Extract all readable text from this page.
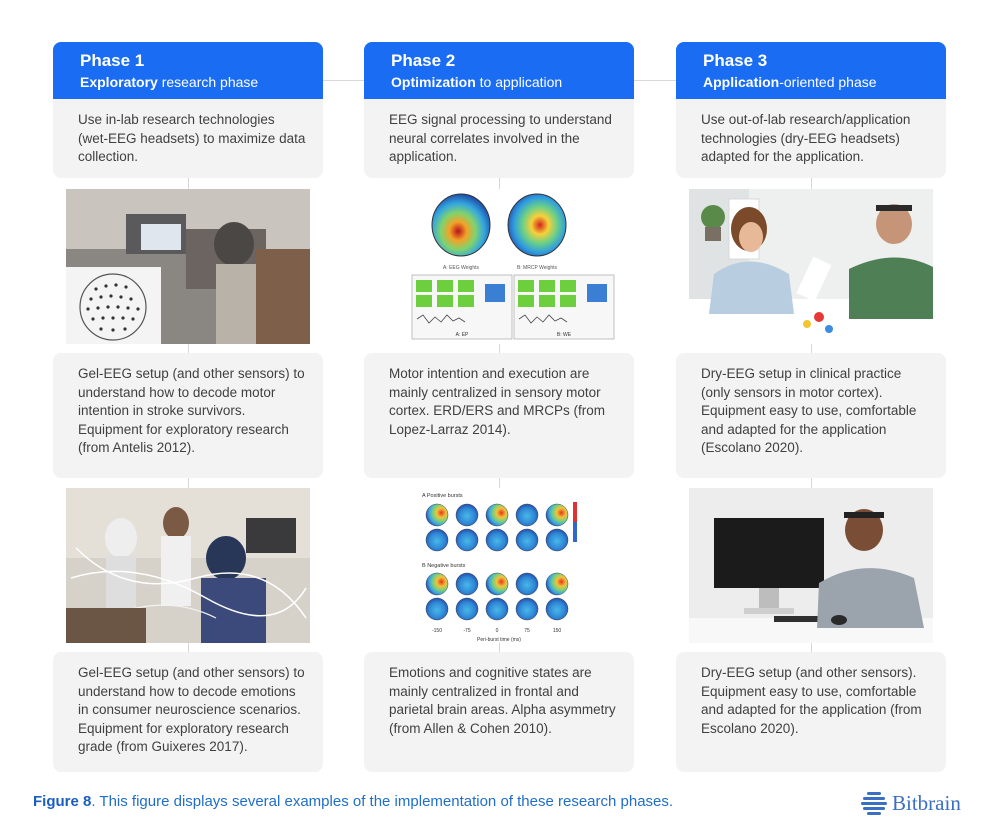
Phase 1
Exploratory research phase
Use in-lab research technologies (wet-EEG headsets) to maximize data collection.
Gel-EEG setup (and other sensors) to understand how to decode motor intention in stroke survivors. Equipment for exploratory research (from Antelis 2012).
Gel-EEG setup (and other sensors) to understand how to decode emotions in consumer neuroscience scenarios. Equipment for exploratory research grade (from Guixeres 2017).
Phase 2
Optimization to application
EEG signal processing to understand neural correlates involved in the application.
A: EEG Weights	B: MRCP Weights
A: EP	B: WE
Motor intention and execution are mainly centralized in sensory motor cortex. ERD/ERS and MRCPs (from Lopez-Larraz 2014).
A Positive bursts
B Negative bursts
-150	-75	0	75	150
Peri-burst time (ms)
Emotions and cognitive states are mainly centralized in frontal and parietal brain areas. Alpha asymmetry (from Allen & Cohen 2010).
Phase 3
Application-oriented phase
Use out-of-lab research/application technologies (dry-EEG headsets) adapted for the application.
Dry-EEG setup in clinical practice (only sensors in motor cortex). Equipment easy to use, comfortable and adapted for the application (Escolano 2020).
Dry-EEG setup (and other sensors). Equipment easy to use, comfortable and adapted for the application (from Escolano 2020).
Figure 8. This figure displays several examples of the implementation of these research phases.	Bitbrain
